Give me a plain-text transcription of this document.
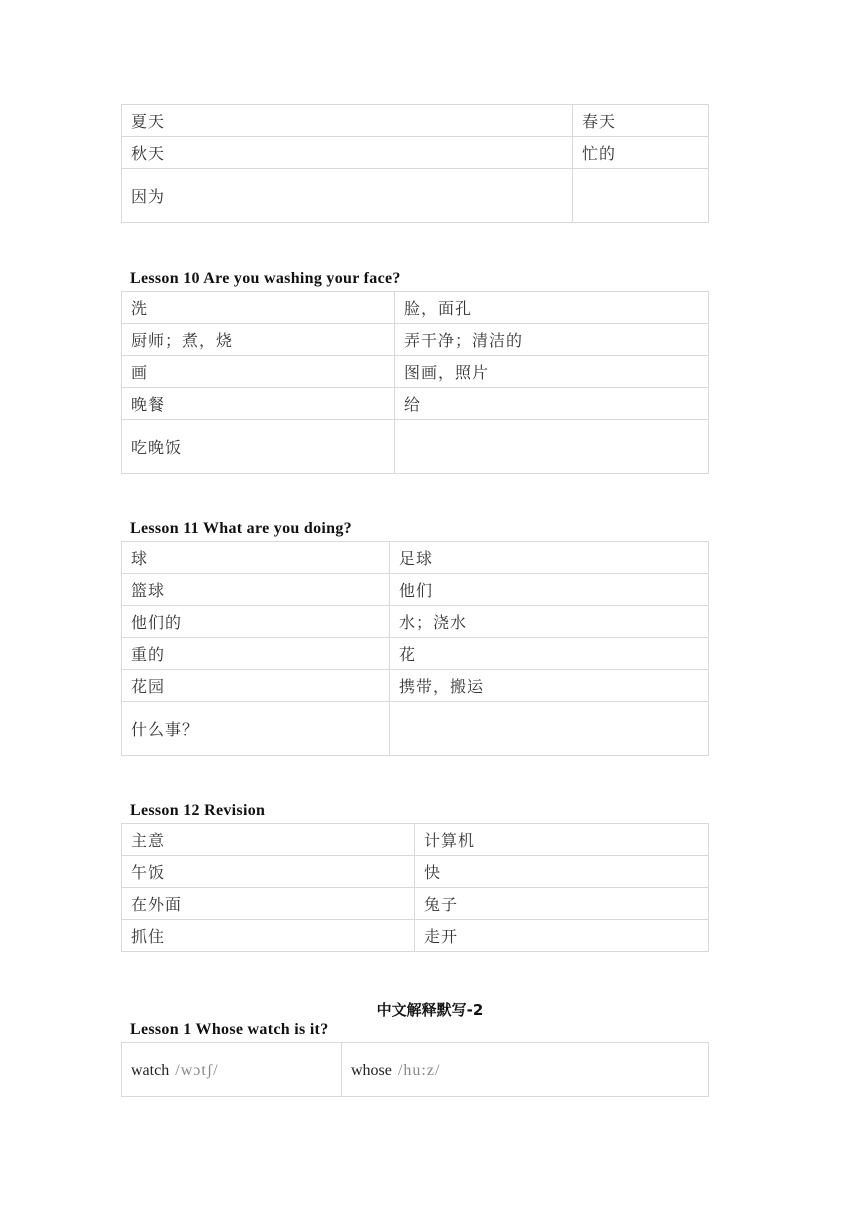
夏天	春天
秋天	忙的
因为	
Lesson 10 Are you washing your face?
洗	脸，面孔
厨师；煮，烧	弄干净；清洁的
画	图画，照片
晚餐	给
吃晚饭	
Lesson 11 What are you doing?
球	足球
篮球	他们
他们的	水；浇水
重的	花
花园	携带，搬运
什么事？	
Lesson 12 Revision
主意	计算机
午饭	快
在外面	兔子
抓住	走开
中文解释默写-2
Lesson 1 Whose watch is it?
watch /wɔtʃ/	whose /hu:z/
